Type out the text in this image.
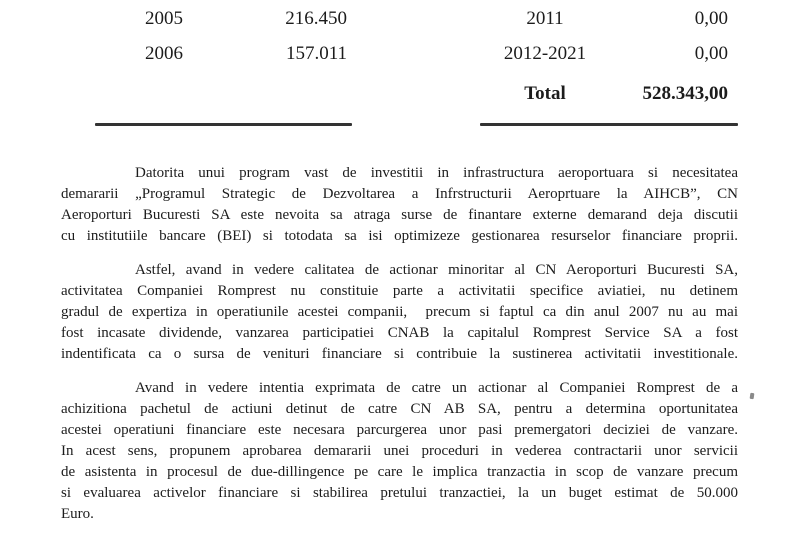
2005	216.450	2011	0,00
2006	157.011	2012-2021	0,00
Total	528.343,00
Datorita unui program vast de investitii in infrastructura aeroportuara si necesitatea
demararii „Programul Strategic de Dezvoltarea a Infrstructurii Aeroprtuare la AIHCB”, CN
Aeroporturi Bucuresti SA este nevoita sa atraga surse de finantare externe demarand deja discutii
cu institutiile bancare (BEI) si totodata sa isi optimizeze gestionarea resurselor financiare proprii.
Astfel, avand in vedere calitatea de actionar minoritar al CN Aeroporturi Bucuresti SA,
activitatea Companiei Romprest nu constituie parte a activitatii specifice aviatiei, nu detinem
gradul de expertiza in operatiunile acestei companii,  precum si faptul ca din anul 2007 nu au mai
fost incasate dividende, vanzarea participatiei CNAB la capitalul Romprest Service SA a fost
indentificata ca o sursa de venituri financiare si contribuie la sustinerea activitatii investitionale.
Avand in vedere intentia exprimata de catre un actionar al Companiei Romprest de a
achizitiona pachetul de actiuni detinut de catre CN AB SA, pentru a determina oportunitatea
acestei operatiuni financiare este necesara parcurgerea unor pasi premergatori deciziei de vanzare.
In acest sens, propunem aprobarea demararii unei proceduri in vederea contractarii unor servicii
de asistenta in procesul de due-dillingence pe care le implica tranzactia in scop de vanzare precum
si evaluarea activelor financiare si stabilirea pretului tranzactiei, la un buget estimat de 50.000
Euro.
